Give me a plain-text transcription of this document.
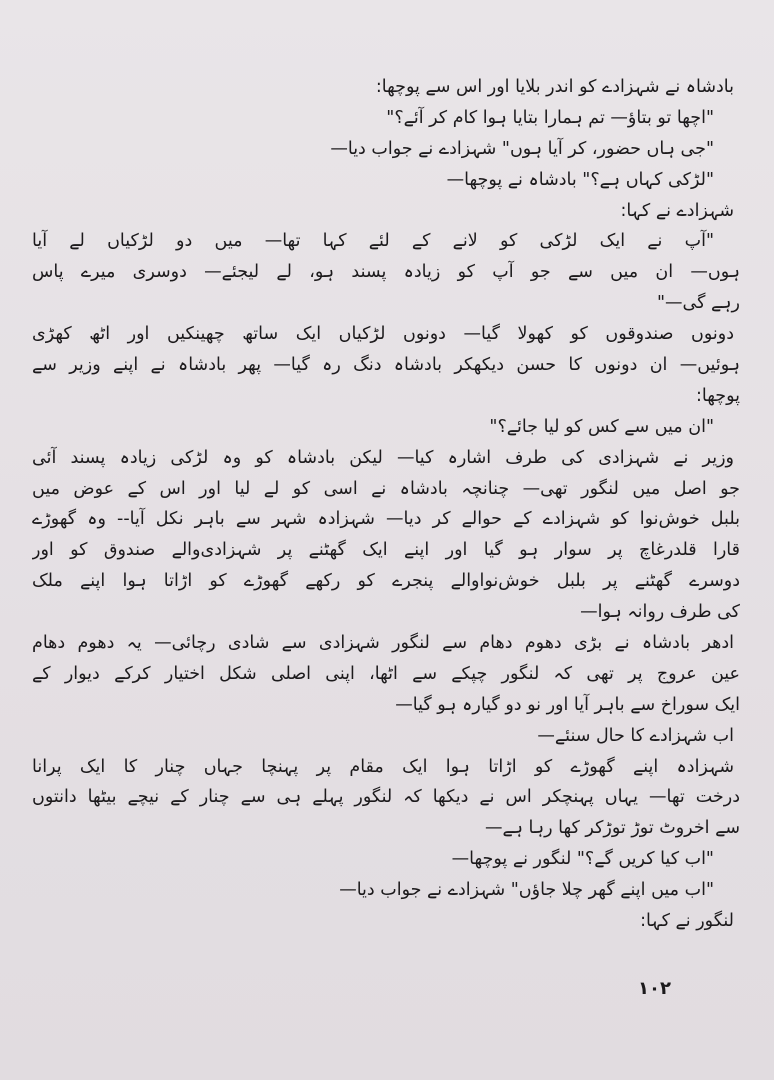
بادشاہ نے شہزادے کو اندر بلایا اور اس سے پوچھا:
"اچھا تو بتاؤ— تم ہمارا بتایا ہوا کام کر آئے؟"
"جی ہاں حضور، کر آیا ہوں" شہزادے نے جواب دیا—
"لڑکی کہاں ہے؟" بادشاہ نے پوچھا—
شہزادے نے کہا:
"آپ نے ایک لڑکی کو لانے کے لئے کہا تھا— میں دو لڑکیاں لے آیا
ہوں— ان میں سے جو آپ کو زیادہ پسند ہو، لے لیجئے— دوسری میرے پاس
رہے گی—"
دونوں صندوقوں کو کھولا گیا— دونوں لڑکیاں ایک ساتھ چھینکیں اور اٹھ کھڑی
ہوئیں— ان دونوں کا حسن دیکھکر بادشاہ دنگ رہ گیا— پھر بادشاہ نے اپنے وزیر سے
پوچھا:
"ان میں سے کس کو لیا جائے؟"
وزیر نے شہزادی کی طرف اشارہ کیا— لیکن بادشاہ کو وہ لڑکی زیادہ پسند آئی
جو اصل میں لنگور تھی— چنانچہ بادشاہ نے اسی کو لے لیا اور اس کے عوض میں
بلبل خوش‌نوا کو شہزادے کے حوالے کر دیا— شہزادہ شہر سے باہر نکل آیا-- وہ گھوڑے
قارا قلدرغاچ پر سوار ہو گیا اور اپنے ایک گھٹنے پر شہزادی‌والے صندوق کو اور
دوسرے گھٹنے پر بلبل خوش‌نواوالے پنجرے کو رکھے گھوڑے کو اڑاتا ہوا اپنے ملک
کی طرف روانہ ہوا—
ادھر بادشاہ نے بڑی دھوم دھام سے لنگور شہزادی سے شادی رچائی— یہ دھوم دھام
عین عروج پر تھی کہ لنگور چپکے سے اٹھا، اپنی اصلی شکل اختیار کرکے دیوار کے
ایک سوراخ سے باہر آیا اور نو دو گیارہ ہو گیا—
اب شہزادے کا حال سنئے—
شہزادہ اپنے گھوڑے کو اڑاتا ہوا ایک مقام پر پہنچا جہاں چنار کا ایک پرانا
درخت تھا— یہاں پہنچکر اس نے دیکھا کہ لنگور پہلے ہی سے چنار کے نیچے بیٹھا دانتوں
سے اخروٹ توڑ توڑکر کھا رہا ہے—
"اب کیا کریں گے؟" لنگور نے پوچھا—
"اب میں اپنے گھر چلا جاؤں" شہزادے نے جواب دیا—
لنگور نے کہا:
۱۰۲
